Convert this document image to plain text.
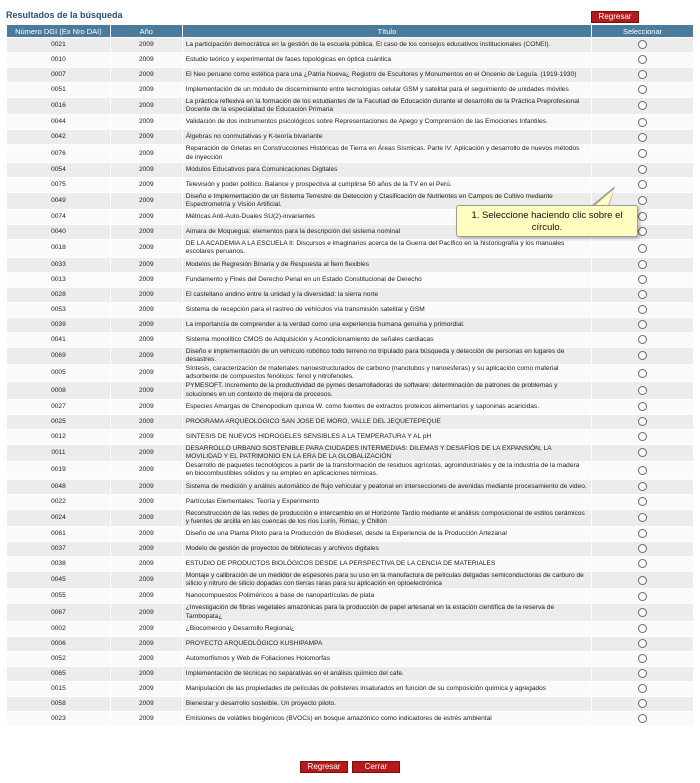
Resultados de la búsqueda	Regresar
Número DGI (Ex Nro DAI)	Año	Título	Seleccionar
0021	2009	La participación democrática en la gestión de la escuela pública. El caso de los consejos educativos institucionales (CONEI).	
0010	2009	Estudio teórico y experimental de fases topológicas en óptica cuántica	
0007	2009	El Neo peruano como estética para una ¿Patria Nueva¿ Registro de Escultores y Monumentos en el Oncenio de Leguía. (1919-1930)	
0051	2009	Implementación de un módulo de discernimiento entre tecnologías celular GSM y satelital para el seguimiento de unidades móviles	
0016	2009	La práctica reflexiva en la formación de los estudiantes de la Facultad de Educación durante el desarrollo de la Práctica Preprofesional Docente de la especialidad de Educación Primaria	
0044	2009	Validación de dos instrumentos psicológicos sobre Representaciones de Apego y Comprensión de las Emociones Infantiles.	
0042	2009	Álgebras no conmutativas y K-teoría bivariante	
0076	2009	Reparación de Grietas en Construcciones Históricas de Tierra en Áreas Sísmicas. Parte IV: Aplicación y desarrollo de nuevos métodos de inyección	
0054	2009	Módulos Educativos para Comunicaciones Digitales	
0075	2009	Televisión y poder político. Balance y prospectiva al cumplirse 50 años de la TV en el Perú.	
0049	2009	Diseño e Implementación de un Sistema Terrestre de Detección y Clasificación de Nutrientes en Campos de Cultivo mediante Espectrometría y Visión Artificial.	
0074	2009	Métricas Anti-Auto-Duales SU(2)-invariantes	
0040	2009	Aimara de Moquegua: elementos para la descripción del sistema nominal	
0018	2009	DE LA ACADEMIA A LA ESCUELA II: Discursos e imaginarios acerca de la Guerra del Pacífico en la historiografía y los manuales escolares peruanos.	
0033	2009	Modelos de Regresión Binaria y de Respuesta al Ítem flexibles	
0013	2009	Fundamento y Fines del Derecho Penal en un Estado Constitucional de Derecho	
0028	2009	El castellano andino entre la unidad y la diversidad: la sierra norte	
0053	2009	Sistema de recepción para el rastreo de vehículos vía transmisión satelital y GSM	
0039	2009	La importancia de comprender a la verdad como una experiencia humana genuina y primordial.	
0041	2009	Sistema monolítico CMOS de Adquisición y Acondicionamiento de señales cardiacas	
0069	2009	Diseño e implementación de un vehículo robótico todo terreno no tripulado para búsqueda y detección de personas en lugares de desastres.	
0005	2009	Síntesis, caracterización de materiales nanoestructurados de carbono (nanotubos y nanoesferas) y su aplicación como material adsorbente de compuestos fenólicos: fenol y nitrofenoles.	
0008	2009	PYMESOFT. Incremento de la productividad de pymes desarrolladoras de software: determinación de patrones de problemas y soluciones en un contexto de mejora de procesos.	
0027	2009	Especies Amargas de Chenopodium quinoa W. como fuentes de extractos proteicos alimentarios y saponinas acaricidas.	
0025	2009	PROGRAMA ARQUEOLOGICO SAN JOSE DE MORO, VALLE DEL JEQUETEPEQUE	
0012	2009	SINTESIS DE NUEVOS HIDROGELES SENSIBLES A LA TEMPERATURA Y AL pH	
0011	2009	DESARROLLO URBANO SOSTENIBLE PARA CIUDADES INTERMEDIAS: DILEMAS Y DESAFÍOS DE LA EXPANSIÓN, LA MOVILIDAD Y EL PATRIMONIO EN LA ERA DE LA GLOBALIZACIÓN	
0019	2009	Desarrollo de paquetes tecnológicos a partir de la transformación de residuos agrícolas, agroindustriales y de la industria de la madera en biocombustibles sólidos y su empleo en aplicaciones térmicas.	
0048	2009	Sistema de medición y análisis automático de flujo vehicular y peatonal en intersecciones de avenidas mediante procesamiento de video.	
0022	2009	Partículas Elementales: Teoría y Experimento	
0024	2009	Reconstrucción de las redes de producción e intercambio en el Horizonte Tardío mediante el análisis composicional de estilos cerámicos y fuentes de arcilla en las cuencas de los ríos Lurín, Rimac, y Chillón	
0061	2009	Diseño de una Planta Piloto para la Producción de Biodiesel, desde la Experiencia de la Producción Artezanal	
0037	2009	Modelo de gestión de proyectos de bibliotecas y archivos digitales	
0038	2009	ESTUDIO DE PRODUCTOS BIOLÓGICOS DESDE LA PERSPECTIVA DE LA CENCIA DE MATERIALES	
0045	2009	Montaje y calibración de un medidor de espesores para su uso en la manufactura de películas delgadas semiconductoras de carburo de silicio y nitruro de silicio dopadas con tierras raras para su aplicación en optoelectrónica	
0055	2009	Nanocompuestos Poliméricos a base de nanopartículas de plata	
0067	2009	¿Investigación de fibras vegetales amazónicas para la producción de papel artesanal en la estación científica de la reserva de Tambopata¿	
0002	2009	¿Biocomercio y Desarrollo Regional¿	
0006	2009	PROYECTO ARQUEOLÓGICO KUSHIPAMPA	
0052	2009	Automorfismos y Web de Foliaciones Holomorfas	
0065	2009	Implementación de técnicas no separativas en el análisis químico del cafe.	
0015	2009	Manipulación de las propiedades de películas de polisteres insaturados en función de su composición química y agregados	
0058	2009	Bienestar y desarrollo sosteible. Un proyecto piloto.	
0023	2009	Emisiones de volátiles biogénicos (BVOCs) en bosque amazónico como indicadores de estrés ambiental	
Regresar	Cerrar
1. Seleccione haciendo clic sobre el círculo.
